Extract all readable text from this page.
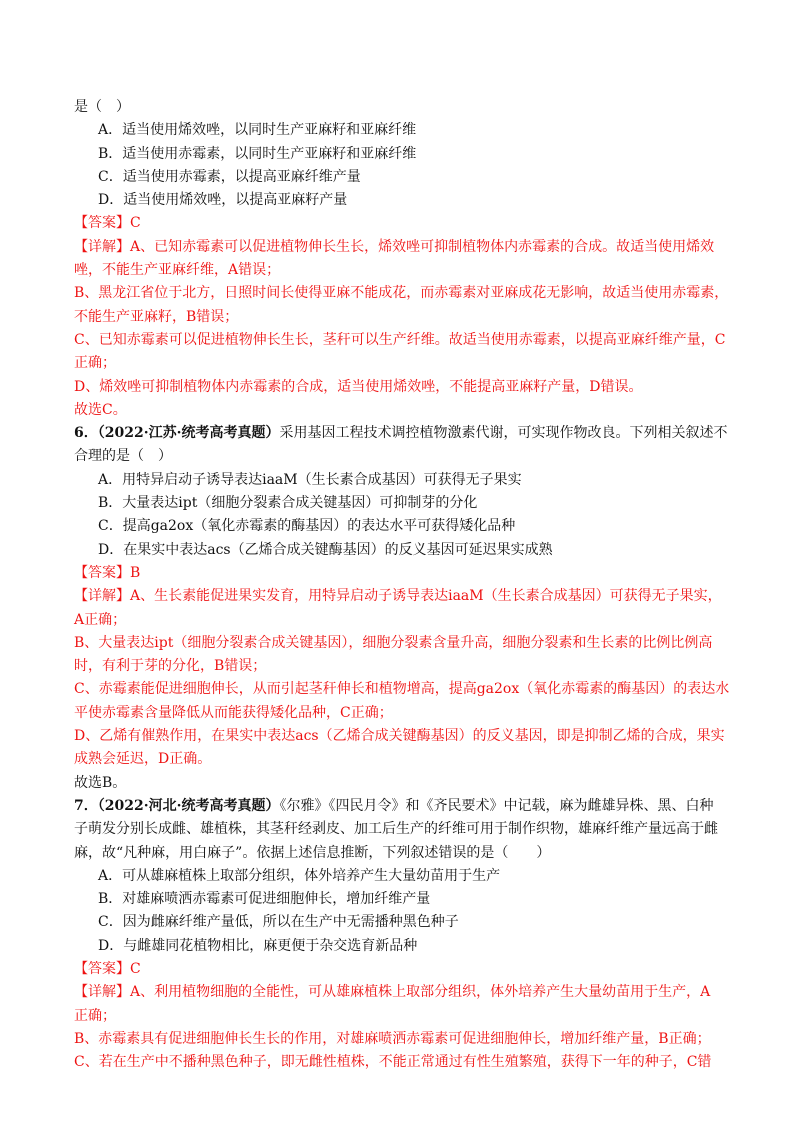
是（　）
A．适当使用烯效唑，以同时生产亚麻籽和亚麻纤维
B．适当使用赤霉素，以同时生产亚麻籽和亚麻纤维
C．适当使用赤霉素，以提高亚麻纤维产量
D．适当使用烯效唑，以提高亚麻籽产量
【答案】C
【详解】A、已知赤霉素可以促进植物伸长生长，烯效唑可抑制植物体内赤霉素的合成。故适当使用烯效
唑，不能生产亚麻纤维，A错误；
B、黑龙江省位于北方，日照时间长使得亚麻不能成花，而赤霉素对亚麻成花无影响，故适当使用赤霉素，
不能生产亚麻籽，B错误；
C、已知赤霉素可以促进植物伸长生长，茎秆可以生产纤维。故适当使用赤霉素，以提高亚麻纤维产量，C
正确；
D、烯效唑可抑制植物体内赤霉素的合成，适当使用烯效唑，不能提高亚麻籽产量，D错误。
故选C。
6．（2022·江苏·统考高考真题）采用基因工程技术调控植物激素代谢，可实现作物改良。下列相关叙述不
合理的是（　）
A．用特异启动子诱导表达iaaM（生长素合成基因）可获得无子果实
B．大量表达ipt（细胞分裂素合成关键基因）可抑制芽的分化
C．提高ga2ox（氧化赤霉素的酶基因）的表达水平可获得矮化品种
D．在果实中表达acs（乙烯合成关键酶基因）的反义基因可延迟果实成熟
【答案】B
【详解】A、生长素能促进果实发育，用特异启动子诱导表达iaaM（生长素合成基因）可获得无子果实，
A正确；
B、大量表达ipt（细胞分裂素合成关键基因），细胞分裂素含量升高，细胞分裂素和生长素的比例比例高
时，有利于芽的分化，B错误；
C、赤霉素能促进细胞伸长，从而引起茎秆伸长和植物增高，提高ga2ox（氧化赤霉素的酶基因）的表达水
平使赤霉素含量降低从而能获得矮化品种，C正确；
D、乙烯有催熟作用，在果实中表达acs（乙烯合成关键酶基因）的反义基因，即是抑制乙烯的合成，果实
成熟会延迟，D正确。
故选B。
7．（2022·河北·统考高考真题）《尔雅》《四民月令》和《齐民要术》中记载，麻为雌雄异株、黑、白种
子萌发分别长成雌、雄植株，其茎秆经剥皮、加工后生产的纤维可用于制作织物，雄麻纤维产量远高于雌
麻，故“凡种麻，用白麻子”。依据上述信息推断，下列叙述错误的是（　　）
A．可从雄麻植株上取部分组织，体外培养产生大量幼苗用于生产
B．对雄麻喷洒赤霉素可促进细胞伸长，增加纤维产量
C．因为雌麻纤维产量低，所以在生产中无需播种黑色种子
D．与雌雄同花植物相比，麻更便于杂交选育新品种
【答案】C
【详解】A、利用植物细胞的全能性，可从雄麻植株上取部分组织，体外培养产生大量幼苗用于生产，A
正确；
B、赤霉素具有促进细胞伸长生长的作用，对雄麻喷洒赤霉素可促进细胞伸长，增加纤维产量，B正确；
C、若在生产中不播种黑色种子，即无雌性植株，不能正常通过有性生殖繁殖，获得下一年的种子，C错
